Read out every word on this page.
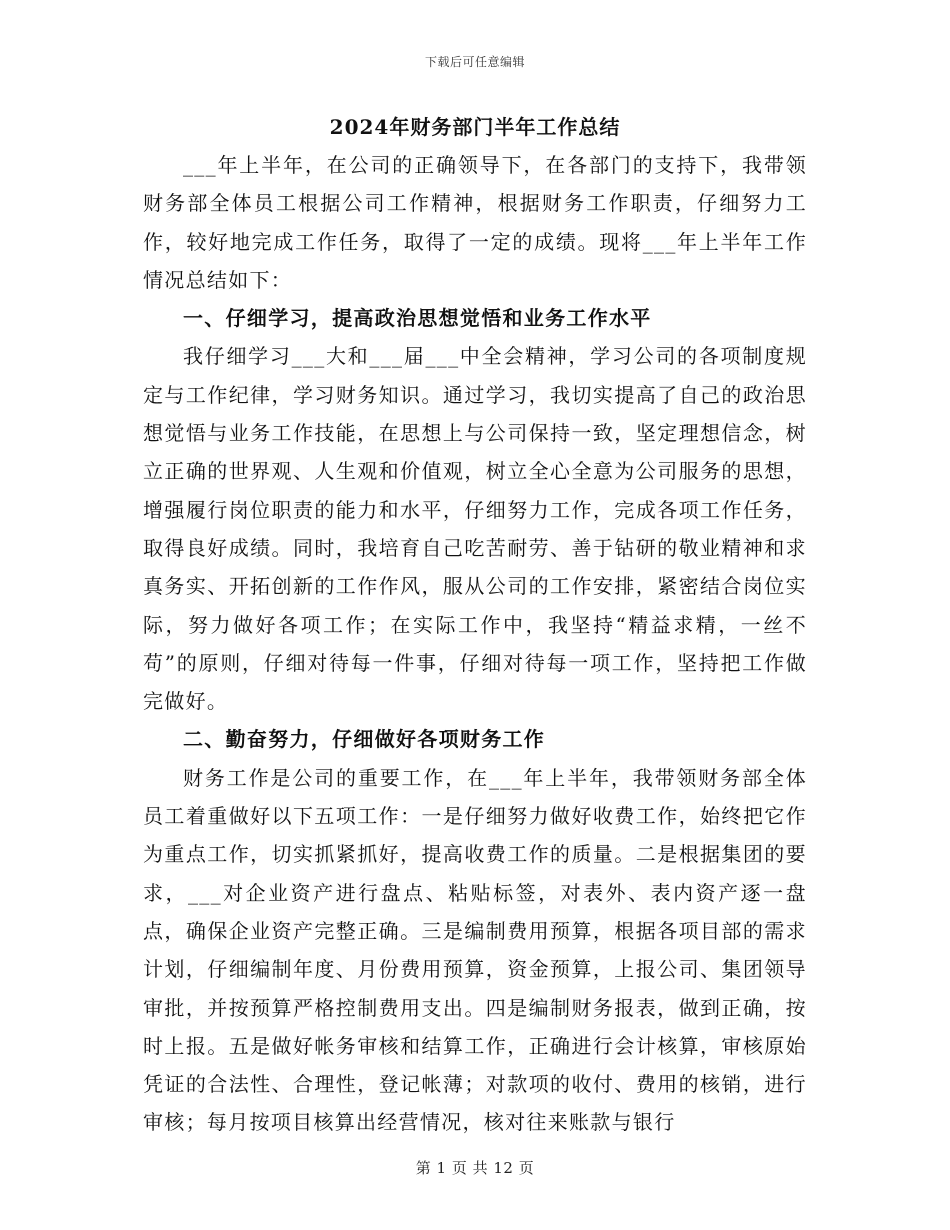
下载后可任意编辑
2024年财务部门半年工作总结

___年上半年，在公司的正确领导下，在各部门的支持下，我带领财务部全体员工根据公司工作精神，根据财务工作职责，仔细努力工作，较好地完成工作任务，取得了一定的成绩。现将___年上半年工作情况总结如下：

一、仔细学习，提高政治思想觉悟和业务工作水平

我仔细学习___大和___届___中全会精神，学习公司的各项制度规定与工作纪律，学习财务知识。通过学习，我切实提高了自己的政治思想觉悟与业务工作技能，在思想上与公司保持一致，坚定理想信念，树立正确的世界观、人生观和价值观，树立全心全意为公司服务的思想，增强履行岗位职责的能力和水平，仔细努力工作，完成各项工作任务，取得良好成绩。同时，我培育自己吃苦耐劳、善于钻研的敬业精神和求真务实、开拓创新的工作作风，服从公司的工作安排，紧密结合岗位实际，努力做好各项工作；在实际工作中，我坚持“精益求精，一丝不苟”的原则，仔细对待每一件事，仔细对待每一项工作，坚持把工作做完做好。

二、勤奋努力，仔细做好各项财务工作

财务工作是公司的重要工作，在___年上半年，我带领财务部全体员工着重做好以下五项工作：一是仔细努力做好收费工作，始终把它作为重点工作，切实抓紧抓好，提高收费工作的质量。二是根据集团的要求，___对企业资产进行盘点、粘贴标签，对表外、表内资产逐一盘点，确保企业资产完整正确。三是编制费用预算，根据各项目部的需求计划，仔细编制年度、月份费用预算，资金预算，上报公司、集团领导审批，并按预算严格控制费用支出。四是编制财务报表，做到正确，按时上报。五是做好帐务审核和结算工作，正确进行会计核算，审核原始凭证的合法性、合理性，登记帐薄；对款项的收付、费用的核销，进行审核；每月按项目核算出经营情况，核对往来账款与银行

第 1 页 共 12 页
